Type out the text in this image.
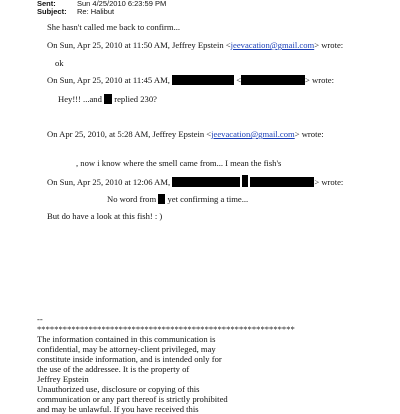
Sent:	Sun 4/25/2010 6:23:59 PM
Subject: Re: Halibut
She hasn't called me back to confirm...
On Sun, Apr 25, 2010 at 11:50 AM, Jeffrey Epstein <jeevacation@gmail.com> wrote:
ok
On Sun, Apr 25, 2010 at 11:45 AM,	<	> wrote:
Hey!!! ...and replied 230?
On Apr 25, 2010, at 5:28 AM, Jeffrey Epstein <jeevacation@gmail.com> wrote:
, now i know where the smell came from... I mean the fish's
On Sun, Apr 25, 2010 at 12:06 AM,	> wrote:
No word from yet confirming a time...
But do have a look at this fish! : )
--
************************************************************
The information contained in this communication is
confidential, may be attorney-client privileged, may
constitute inside information, and is intended only for
the use of the addressee. It is the property of
Jeffrey Epstein
Unauthorized use, disclosure or copying of this
communication or any part thereof is strictly prohibited
and may be unlawful. If you have received this
